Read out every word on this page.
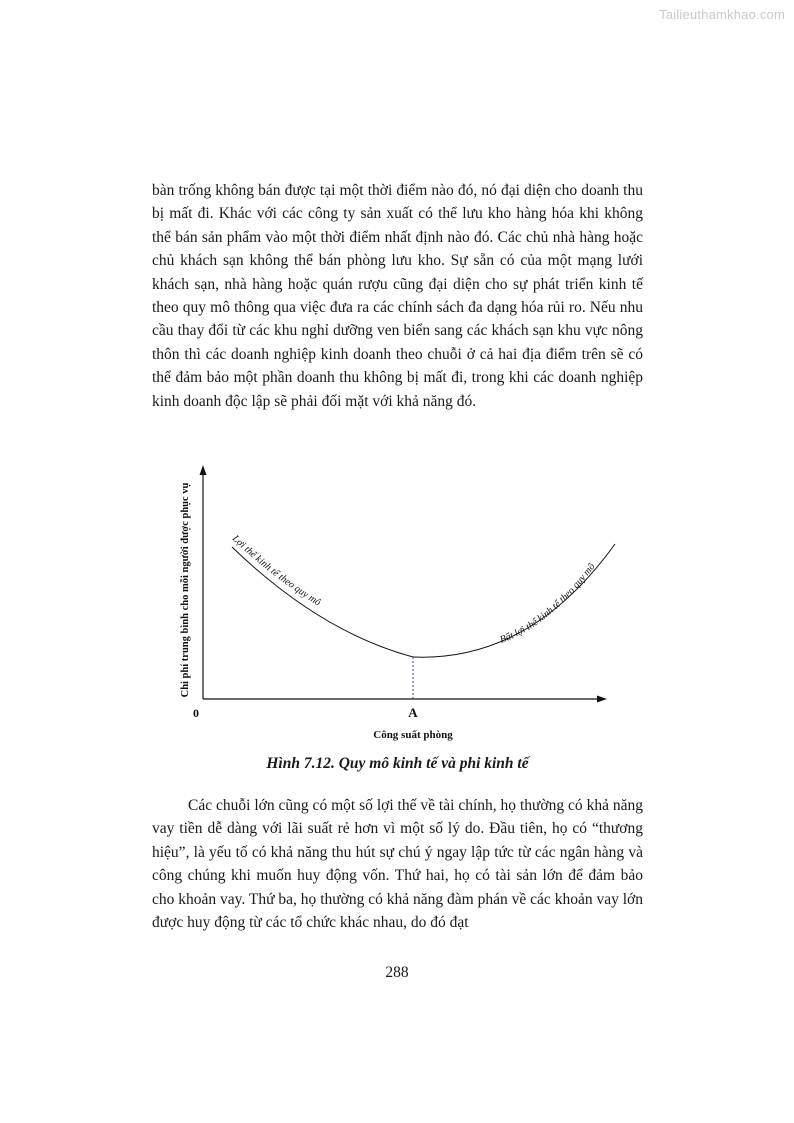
Tailieuthamkhao.com

bàn trống không bán được tại một thời điểm nào đó, nó đại diện cho doanh thu bị mất đi. Khác với các công ty sản xuất có thể lưu kho hàng hóa khi không thể bán sản phẩm vào một thời điểm nhất định nào đó. Các chủ nhà hàng hoặc chủ khách sạn không thể bán phòng lưu kho. Sự sẵn có của một mạng lưới khách sạn, nhà hàng hoặc quán rượu cũng đại diện cho sự phát triển kinh tế theo quy mô thông qua việc đưa ra các chính sách đa dạng hóa rủi ro. Nếu nhu cầu thay đổi từ các khu nghỉ dưỡng ven biển sang các khách sạn khu vực nông thôn thì các doanh nghiệp kinh doanh theo chuỗi ở cả hai địa điểm trên sẽ có thể đảm bảo một phần doanh thu không bị mất đi, trong khi các doanh nghiệp kinh doanh độc lập sẽ phải đối mặt với khả năng đó.

Lợi thế kinh tế theo quy mô
Bất lợi thế kinh tế theo quy mô
Chi phí trung bình cho mỗi người được phục vụ
0	A
Công suất phòng
Hình 7.12. Quy mô kinh tế và phi kinh tế

Các chuỗi lớn cũng có một số lợi thế về tài chính, họ thường có khả năng vay tiền dễ dàng với lãi suất rẻ hơn vì một số lý do. Đầu tiên, họ có “thương hiệu”, là yếu tố có khả năng thu hút sự chú ý ngay lập tức từ các ngân hàng và công chúng khi muốn huy động vốn. Thứ hai, họ có tài sản lớn để đảm bảo cho khoản vay. Thứ ba, họ thường có khả năng đàm phán về các khoản vay lớn được huy động từ các tổ chức khác nhau, do đó đạt

288
